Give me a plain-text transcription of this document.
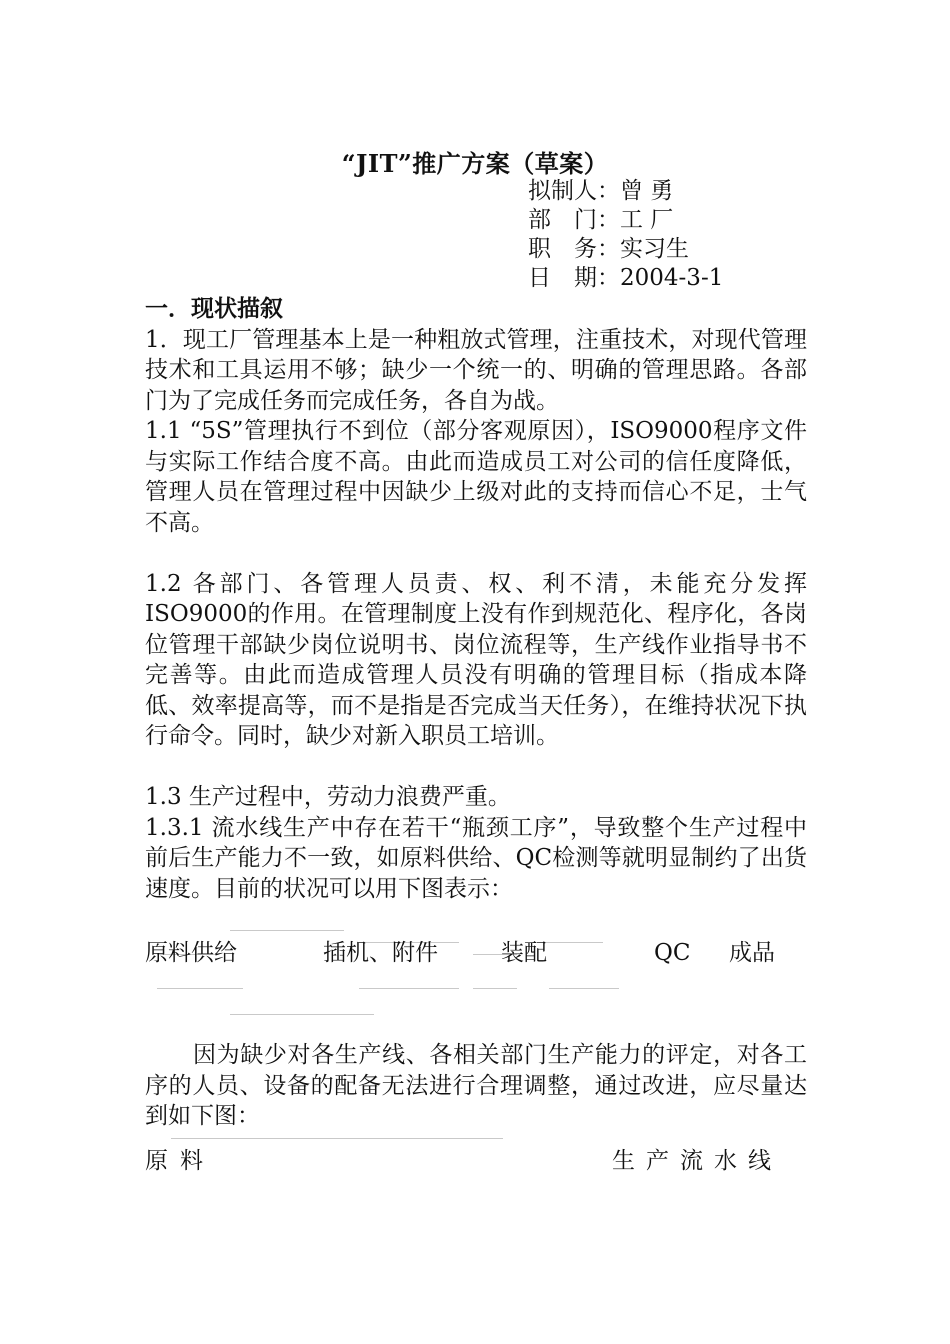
“JIT”推广方案（草案）
拟制人 ： 曾 勇
部　门 ： 工 厂
职　务 ： 实习生
日　期 ： 2004-3-1
一．现状描叙

1．现工厂管理基本上是一种粗放式管理，注重技术，对现代管理技术和工具运用不够；缺少一个统一的、明确的管理思路。各部门为了完成任务而完成任务，各自为战。

1.1 “5S”管理执行不到位（部分客观原因），ISO9000程序文件与实际工作结合度不高。由此而造成员工对公司的信任度降低，管理人员在管理过程中因缺少上级对此的支持而信心不足，士气不高。

1.2 各部门、各管理人员责、权、利不清，未能充分发挥ISO9000的作用。在管理制度上没有作到规范化、程序化，各岗位管理干部缺少岗位说明书、岗位流程等，生产线作业指导书不完善等。由此而造成管理人员没有明确的管理目标（指成本降低、效率提高等，而不是指是否完成当天任务），在维持状况下执行命令。同时，缺少对新入职员工培训。

1.3 生产过程中，劳动力浪费严重。

1.3.1 流水线生产中存在若干“瓶颈工序”，导致整个生产过程中前后生产能力不一致，如原料供给、QC检测等就明显制约了出货速度。目前的状况可以用下图表示：

原料供给	插机、附件	装配	QC 成品

因为缺少对各生产线、各相关部门生产能力的评定，对各工序的人员、设备的配备无法进行合理调整，通过改进，应尽量达到如下图：

原料	生产流水线
